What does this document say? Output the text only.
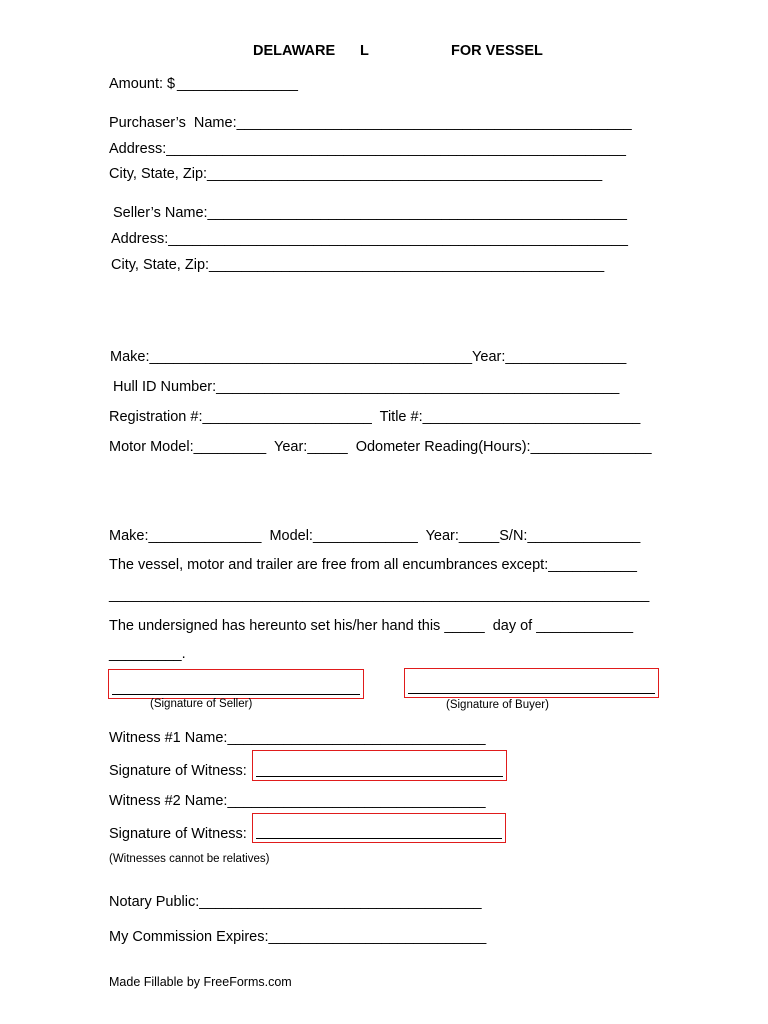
DELAWARE L	FOR VESSEL
Amount: $ _______________
Purchaser’s  Name:_________________________________________________
Address:_________________________________________________________
City, State, Zip:_________________________________________________
Seller’s Name:____________________________________________________
Address:_________________________________________________________
City, State, Zip:_________________________________________________
Make:________________________________________Year:_______________
Hull ID Number:__________________________________________________
Registration #:_____________________  Title #:___________________________
Motor Model:_________  Year:_____  Odometer Reading(Hours):_______________
Make:______________  Model:_____________  Year:_____S/N:______________
The vessel, motor and trailer are free from all encumbrances except:___________
___________________________________________________________________
The undersigned has hereunto set his/her hand this _____  day of ____________
_________.
(Signature of Seller)	(Signature of Buyer)
Witness #1 Name:________________________________
Signature of Witness:
Witness #2 Name:________________________________
Signature of Witness:
(Witnesses cannot be relatives)
Notary Public:___________________________________
My Commission Expires:___________________________
Made Fillable by FreeForms.com
